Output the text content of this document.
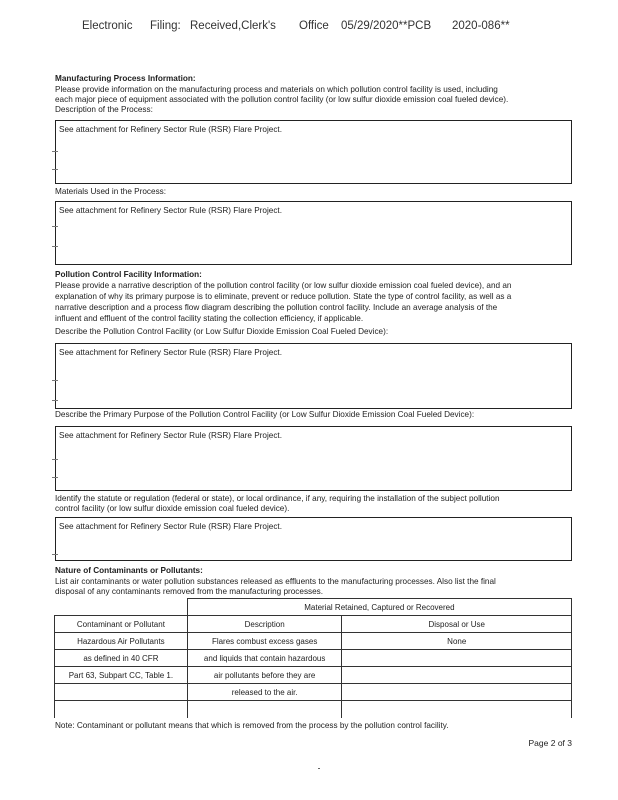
Electronic Filing: Received,Clerk's Office 05/29/2020**PCB 2020-086**
Manufacturing Process Information:
Please provide information on the manufacturing process and materials on which pollution control facility is used, including
each major piece of equipment associated with the pollution control facility (or low sulfur dioxide emission coal fueled device).
Description of the Process:
See attachment for Refinery Sector Rule (RSR) Flare Project.
Materials Used in the Process:
See attachment for Refinery Sector Rule (RSR) Flare Project.
Pollution Control Facility Information:
Please provide a narrative description of the pollution control facility (or low sulfur dioxide emission coal fueled device), and an
explanation of why its primary purpose is to eliminate, prevent or reduce pollution. State the type of control facility, as well as a
narrative description and a process flow diagram describing the pollution control facility. Include an average analysis of the
influent and effluent of the control facility stating the collection efficiency, if applicable.
Describe the Pollution Control Facility (or Low Sulfur Dioxide Emission Coal Fueled Device):
See attachment for Refinery Sector Rule (RSR) Flare Project.
Describe the Primary Purpose of the Pollution Control Facility (or Low Sulfur Dioxide Emission Coal Fueled Device):
See attachment for Refinery Sector Rule (RSR) Flare Project.
Identify the statute or regulation (federal or state), or local ordinance, if any, requiring the installation of the subject pollution
control facility (or low sulfur dioxide emission coal fueled device).
See attachment for Refinery Sector Rule (RSR) Flare Project.
Nature of Contaminants or Pollutants:
List air contaminants or water pollution substances released as effluents to the manufacturing processes. Also list the final
disposal of any contaminants removed from the manufacturing processes.
	Material Retained, Captured or Recovered	
Contaminant or Pollutant	Description	Disposal or Use
Hazardous Air Pollutants	Flares combust excess gases	None
as defined in 40 CFR	and liquids that contain hazardous	
Part 63, Subpart CC, Table 1.	air pollutants before they are	
	released to the air.	

Note: Contaminant or pollutant means that which is removed from the process by the pollution control facility.
Page 2 of 3
